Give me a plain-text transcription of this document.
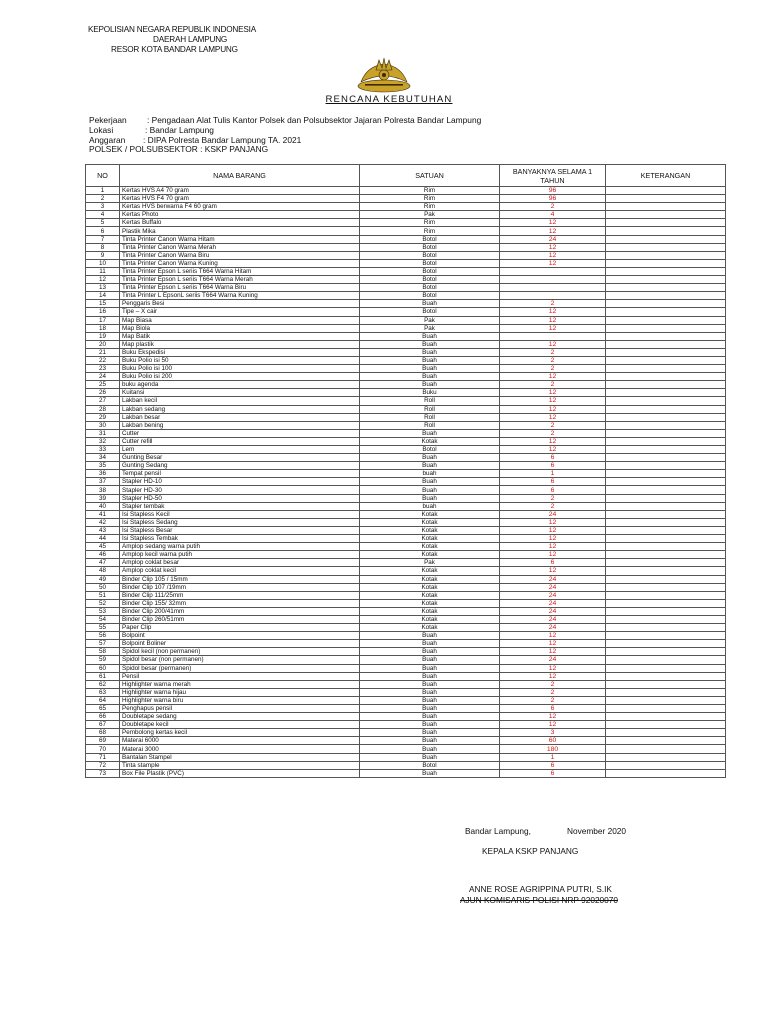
KEPOLISIAN NEGARA REPUBLIK INDONESIA
DAERAH LAMPUNG
RESOR KOTA BANDAR LAMPUNG
RENCANA KEBUTUHAN
Pekerjaan : Pengadaan Alat Tulis Kantor Polsek dan Polsubsektor Jajaran Polresta Bandar Lampung
Lokasi	: Bandar Lampung
Anggaran : DIPA Polresta Bandar Lampung TA. 2021
POLSEK / POLSUBSEKTOR : KSKP PANJANG
NO	NAMA BARANG	SATUAN	BANYAKNYA SELAMA 1 TAHUN	KETERANGAN
1	Kertas HVS A4 70 gram	Rim	96	
2	Kertas HVS F4 70 gram	Rim	96	
3	Kertas HVS berwarna F4 60 gram	Rim	2	
4	Kertas Photo	Pak	4	
5	Kertas Buffalo	Rim	12	
6	Plastik Mika	Rim	12	
7	Tinta Printer Canon Warna Hitam	Botol	24	
8	Tinta Printer Canon Warna Merah	Botol	12	
9	Tinta Printer Canon Warna Biru	Botol	12	
10	Tinta Printer Canon Warna Kuning	Botol	12	
11	Tinta Printer Epson L seriis T664 Warna Hitam	Botol		
12	Tinta Printer Epson L seriis T664 Warna Merah	Botol		
13	Tinta Printer Epson L seriis T664 Warna Biru	Botol		
14	Tinta Printer L EpsonL seriis T664 Warna Kuning	Botol		
15	Penggaris Besi	Buah	2	
16	Tipe – X cair	Botol	12	
17	Map Biasa	Pak	12	
18	Map Biola	Pak	12	
19	Map Batik	Buah		
20	Map plastik	Buah	12	
21	Buku Ekspedisi	Buah	2	
22	Buku Polio isi 50	Buah	2	
23	Buku Polio isi 100	Buah	2	
24	Buku Polio isi 200	Buah	12	
25	buku agenda	Buah	2	
26	Kuitansi	Buku	12	
27	Lakban kecil	Roll	12	
28	Lakban sedang	Roll	12	
29	Lakban besar	Roll	12	
30	Lakban bening	Roll	2	
31	Cutter	Buah	2	
32	Cutter refill	Kotak	12	
33	Lem	Botol	12	
34	Gunting Besar	Buah	6	
35	Gunting Sedang	Buah	6	
36	Tempat pensil	buah	1	
37	Stapler HD-10	Buah	6	
38	Stapler HD-30	Buah	6	
39	Stapler HD-50	Buah	2	
40	Stapler tembak	buah	2	
41	Isi Stapless Kecil	Kotak	24	
42	Isi Stapless Sedang	Kotak	12	
43	Isi Stapless Besar	Kotak	12	
44	Isi Stapless Tembak	Kotak	12	
45	Amplop sedang warna putih	Kotak	12	
46	Amplop kecil warna putih	Kotak	12	
47	Amplop coklat besar	Pak	6	
48	Amplop coklat kecil	Kotak	12	
49	Binder Clip 105 / 15mm	Kotak	24	
50	Binder Clip 107 /19mm	Kotak	24	
51	Binder Clip 111/25mm	Kotak	24	
52	Binder Clip 155/ 32mm	Kotak	24	
53	Binder Clip 200/41mm	Kotak	24	
54	Binder Clip 260/51mm	Kotak	24	
55	Paper Clip	Kotak	24	
56	Bolpoint	Buah	12	
57	Bolpoint Boliner	Buah	12	
58	Spidol kecil (non permanen)	Buah	12	
59	Spidol besar (non permanen)	Buah	24	
60	Spidol besar (permanen)	Buah	12	
61	Pensil	Buah	12	
62	Highlighter warna merah	Buah	2	
63	Highlighter warna hijau	Buah	2	
64	Highlighter warna biru	Buah	2	
65	Penghapus pensil	Buah	6	
66	Doubletape sedang	Buah	12	
67	Doubletape kecil	Buah	12	
68	Pembolong kertas kecil	Buah	3	
69	Materai 6000	Buah	60	
70	Materai 3000	Buah	180	
71	Bantalan Stampel	Buah	1	
72	Tinta stample	Botol	6	
73	Box File Plastik (PVC)	Buah	6	
Bandar Lampung,	November 2020
KEPALA KSKP PANJANG
ANNE ROSE AGRIPPINA PUTRI, S.IK
AJUN KOMISARIS POLISI NRP 92020070
